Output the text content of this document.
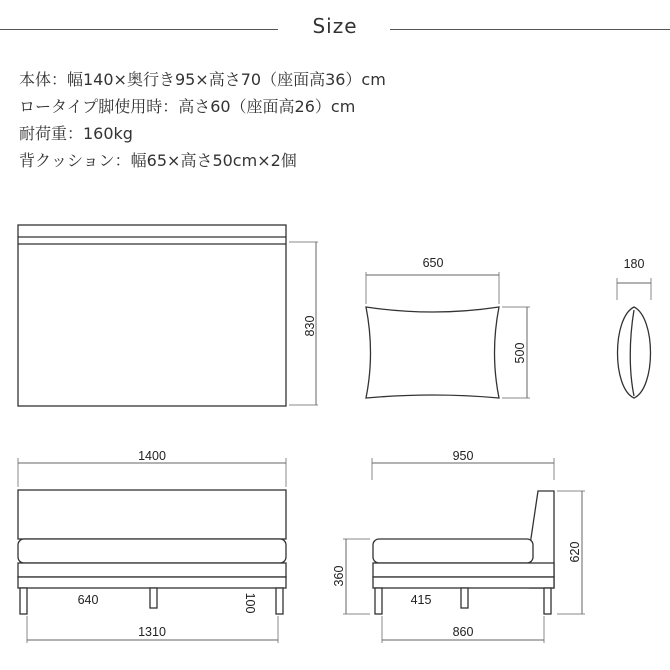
Size
本体：幅140×奥行き95×高さ70（座面高36）cm
ロータイプ脚使用時：高さ60（座面高26）cm
耐荷重：160kg
背クッション：幅65×高さ50cm×2個
830
650
500
180
1400
640	100
1310
950
620
360
415
860
